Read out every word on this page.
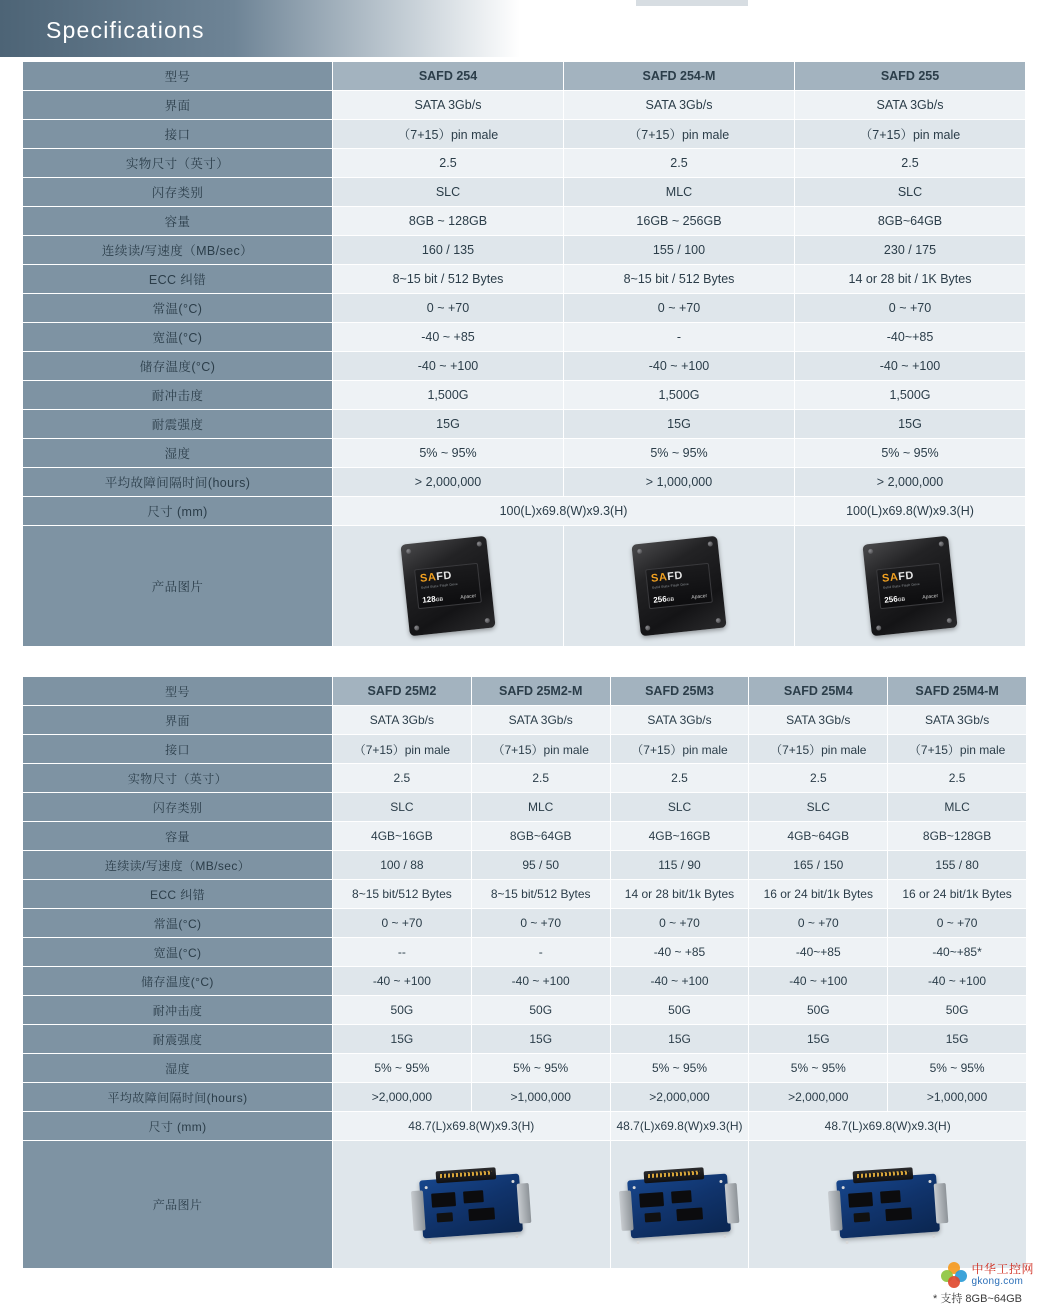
Specifications
型号	SAFD 254	SAFD 254-M	SAFD 255
界面	SATA 3Gb/s	SATA 3Gb/s	SATA 3Gb/s
接口	（7+15）pin male	（7+15）pin male	（7+15）pin male
实物尺寸（英寸）	2.5	2.5	2.5
闪存类别	SLC	MLC	SLC
容量	8GB ~ 128GB	16GB ~ 256GB	8GB~64GB
连续读/写速度（MB/sec）	160 / 135	155 / 100	230 / 175
ECC 纠错	8~15 bit / 512 Bytes	8~15 bit / 512 Bytes	14 or 28 bit / 1K Bytes
常温(°C)	0 ~ +70	0 ~ +70	0 ~ +70
宽温(°C)	-40 ~ +85	-	-40~+85
储存温度(°C)	-40 ~ +100	-40 ~ +100	-40 ~ +100
耐冲击度	1,500G	1,500G	1,500G
耐震强度	15G	15G	15G
湿度	5% ~ 95%	5% ~ 95%	5% ~ 95%
平均故障间隔时间(hours)	> 2,000,000	> 1,000,000	> 2,000,000
尺寸 (mm)	100(L)x69.8(W)x9.3(H)		100(L)x69.8(W)x9.3(H)
产品图片	
SAFD
Solid State Flash Drive
128GB	Apacer

SAFD
Solid State Flash Drive
256GB	Apacer

SAFD
Solid State Flash Drive
256GB	Apacer
型号	SAFD 25M2	SAFD 25M2-M	SAFD 25M3	SAFD 25M4	SAFD 25M4-M
界面	SATA 3Gb/s	SATA 3Gb/s	SATA 3Gb/s	SATA 3Gb/s	SATA 3Gb/s
接口	（7+15）pin male	（7+15）pin male	（7+15）pin male	（7+15）pin male	（7+15）pin male
实物尺寸（英寸）	2.5	2.5	2.5	2.5	2.5
闪存类别	SLC	MLC	SLC	SLC	MLC
容量	4GB~16GB	8GB~64GB	4GB~16GB	4GB~64GB	8GB~128GB
连续读/写速度（MB/sec）	100 / 88	95 / 50	115 / 90	165 / 150	155 / 80
ECC 纠错	8~15 bit/512 Bytes	8~15 bit/512 Bytes	14 or 28 bit/1k Bytes	16 or 24 bit/1k Bytes	16 or 24 bit/1k Bytes
常温(°C)	0 ~ +70	0 ~ +70	0 ~ +70	0 ~ +70	0 ~ +70
宽温(°C)	--	-	-40 ~ +85	-40~+85	-40~+85*
储存温度(°C)	-40 ~ +100	-40 ~ +100	-40 ~ +100	-40 ~ +100	-40 ~ +100
耐冲击度	50G	50G	50G	50G	50G
耐震强度	15G	15G	15G	15G	15G
湿度	5% ~ 95%	5% ~ 95%	5% ~ 95%	5% ~ 95%	5% ~ 95%
平均故障间隔时间(hours)	>2,000,000	>1,000,000	>2,000,000	>2,000,000	>1,000,000
尺寸 (mm)	48.7(L)x69.8(W)x9.3(H)		48.7(L)x69.8(W)x9.3(H)	48.7(L)x69.8(W)x9.3(H)	
产品图片			

* 支持 8GB~64GB
中华工控网
gkong.com
